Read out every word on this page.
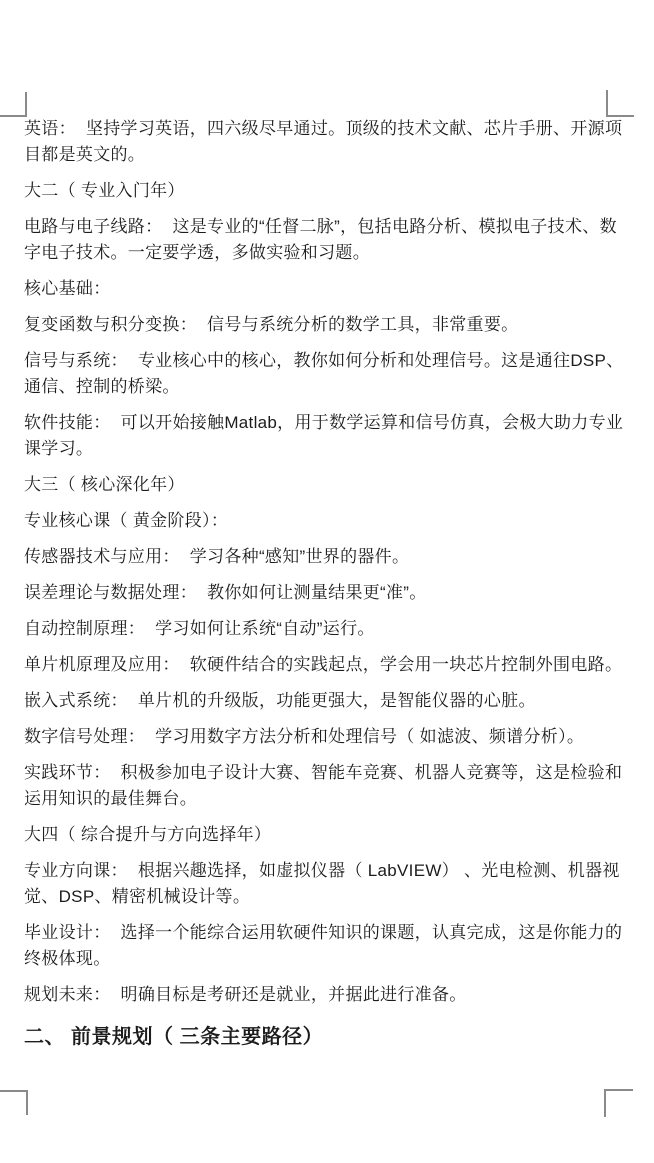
英语：  坚持学习英语，四六级尽早通过。顶级的技术文献、芯片手册、开源项目都是英文的。

大二（ 专业入门年）

电路与电子线路：  这是专业的“任督二脉”，包括电路分析、模拟电子技术、数字电子技术。一定要学透，多做实验和习题。

核心基础：

复变函数与积分变换：  信号与系统分析的数学工具，非常重要。

信号与系统：  专业核心中的核心，教你如何分析和处理信号。这是通往DSP、通信、控制的桥梁。

软件技能：  可以开始接触Matlab，用于数学运算和信号仿真，会极大助力专业课学习。

大三（ 核心深化年）

专业核心课（ 黄金阶段）：

传感器技术与应用：  学习各种“感知”世界的器件。

误差理论与数据处理：  教你如何让测量结果更“准”。

自动控制原理：  学习如何让系统“自动”运行。

单片机原理及应用：  软硬件结合的实践起点，学会用一块芯片控制外围电路。

嵌入式系统：  单片机的升级版，功能更强大，是智能仪器的心脏。

数字信号处理：  学习用数字方法分析和处理信号（ 如滤波、频谱分析）。

实践环节：  积极参加电子设计大赛、智能车竞赛、机器人竞赛等，这是检验和运用知识的最佳舞台。

大四（ 综合提升与方向选择年）

专业方向课：  根据兴趣选择，如虚拟仪器（ LabVIEW） 、光电检测、机器视觉、DSP、精密机械设计等。

毕业设计：  选择一个能综合运用软硬件知识的课题，认真完成，这是你能力的终极体现。

规划未来：  明确目标是考研还是就业，并据此进行准备。

二、 前景规划（ 三条主要路径）
